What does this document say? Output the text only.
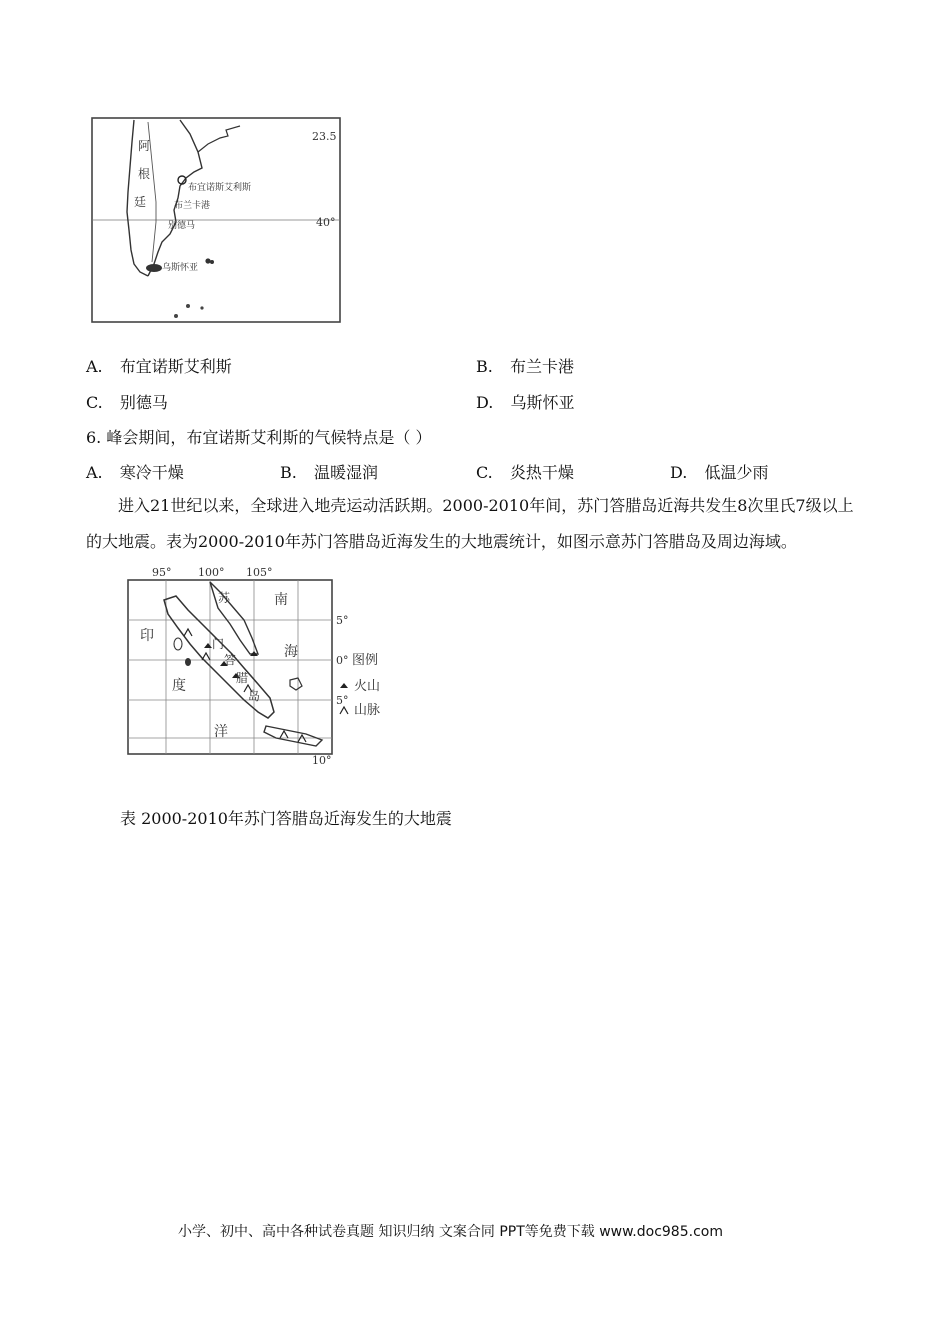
阿
根
廷
布宜诺斯艾利斯
布兰卡港
别德马
乌斯怀亚
23.5
40°
A. 布宜诺斯艾利斯	B. 布兰卡港
C. 别德马	D. 乌斯怀亚
6. 峰会期间，布宜诺斯艾利斯的气候特点是（ ）
A. 寒冷干燥	B. 温暖湿润	C. 炎热干燥	D. 低温少雨
进入21世纪以来，全球进入地壳运动活跃期。2000-2010年间，苏门答腊岛近海共发生8次里氏7级以上的大地震。表为2000-2010年苏门答腊岛近海发生的大地震统计，如图示意苏门答腊岛及周边海域。
95° 100° 105°
5°
0°
5°
10°
印
度
洋
南
海
苏
门
答
腊
岛
图例
火山
山脉
表 2000-2010年苏门答腊岛近海发生的大地震
小学、初中、高中各种试卷真题 知识归纳 文案合同 PPT等免费下载 www.doc985.com
